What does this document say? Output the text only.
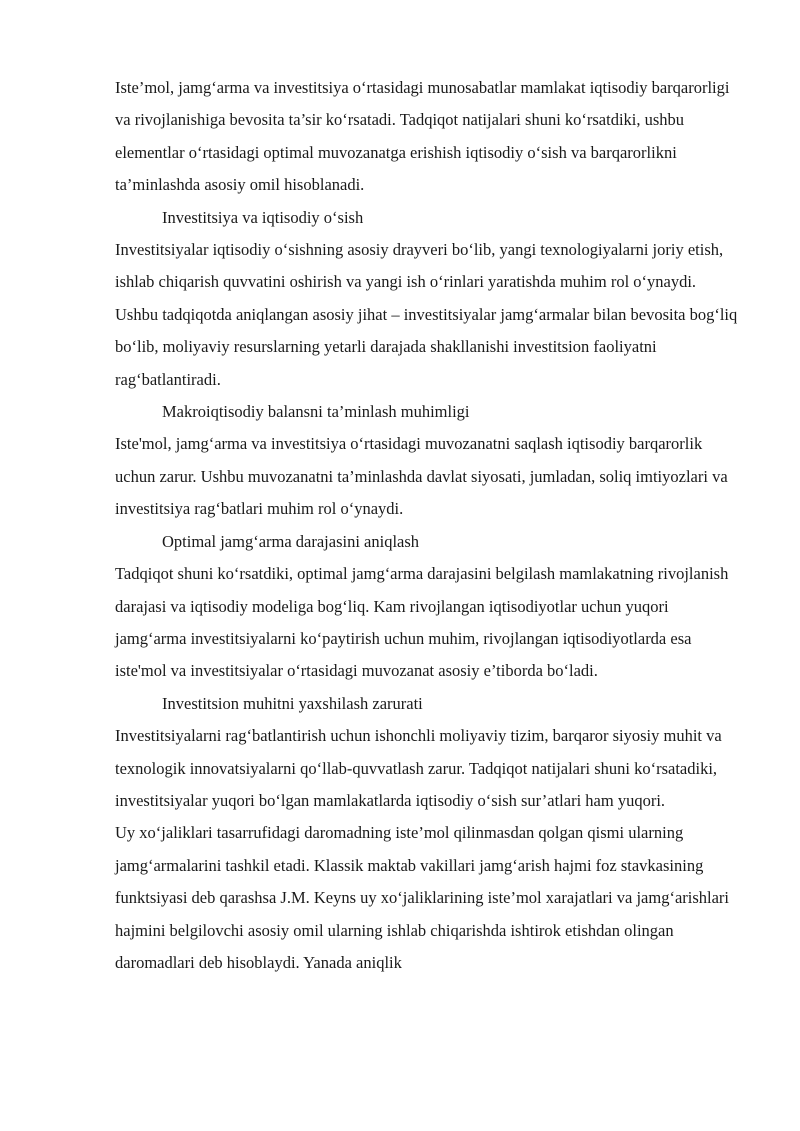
Iste’mol, jamg‘arma va investitsiya o‘rtasidagi munosabatlar mamlakat iqtisodiy barqarorligi va rivojlanishiga bevosita ta’sir ko‘rsatadi. Tadqiqot natijalari shuni ko‘rsatdiki, ushbu elementlar o‘rtasidagi optimal muvozanatga erishish iqtisodiy o‘sish va barqarorlikni ta’minlashda asosiy omil hisoblanadi.

Investitsiya va iqtisodiy o‘sish

Investitsiyalar iqtisodiy o‘sishning asosiy drayveri bo‘lib, yangi texnologiyalarni joriy etish, ishlab chiqarish quvvatini oshirish va yangi ish o‘rinlari yaratishda muhim rol o‘ynaydi. Ushbu tadqiqotda aniqlangan asosiy jihat – investitsiyalar jamg‘armalar bilan bevosita bog‘liq bo‘lib, moliyaviy resurslarning yetarli darajada shakllanishi investitsion faoliyatni rag‘batlantiradi.

Makroiqtisodiy balansni ta’minlash muhimligi

Iste'mol, jamg‘arma va investitsiya o‘rtasidagi muvozanatni saqlash iqtisodiy barqarorlik uchun zarur. Ushbu muvozanatni ta’minlashda davlat siyosati, jumladan, soliq imtiyozlari va investitsiya rag‘batlari muhim rol o‘ynaydi.

Optimal jamg‘arma darajasini aniqlash

Tadqiqot shuni ko‘rsatdiki, optimal jamg‘arma darajasini belgilash mamlakatning rivojlanish darajasi va iqtisodiy modeliga bog‘liq. Kam rivojlangan iqtisodiyotlar uchun yuqori jamg‘arma investitsiyalarni ko‘paytirish uchun muhim, rivojlangan iqtisodiyotlarda esa iste'mol va investitsiyalar o‘rtasidagi muvozanat asosiy e’tiborda bo‘ladi.

Investitsion muhitni yaxshilash zarurati

Investitsiyalarni rag‘batlantirish uchun ishonchli moliyaviy tizim, barqaror siyosiy muhit va texnologik innovatsiyalarni qo‘llab-quvvatlash zarur. Tadqiqot natijalari shuni ko‘rsatadiki, investitsiyalar yuqori bo‘lgan mamlakatlarda iqtisodiy o‘sish sur’atlari ham yuqori.

Uy xo‘jaliklari tasarrufidagi daromadning iste’mol qilinmasdan qolgan qismi ularning jamg‘armalarini tashkil etadi. Klassik maktab vakillari jamg‘arish hajmi foz stavkasining funktsiyasi deb qarashsa J.M. Keyns uy xo‘jaliklarining iste’mol xarajatlari va jamg‘arishlari hajmini belgilovchi asosiy omil ularning ishlab chiqarishda ishtirok etishdan olingan daromadlari deb hisoblaydi. Yanada aniqlik
